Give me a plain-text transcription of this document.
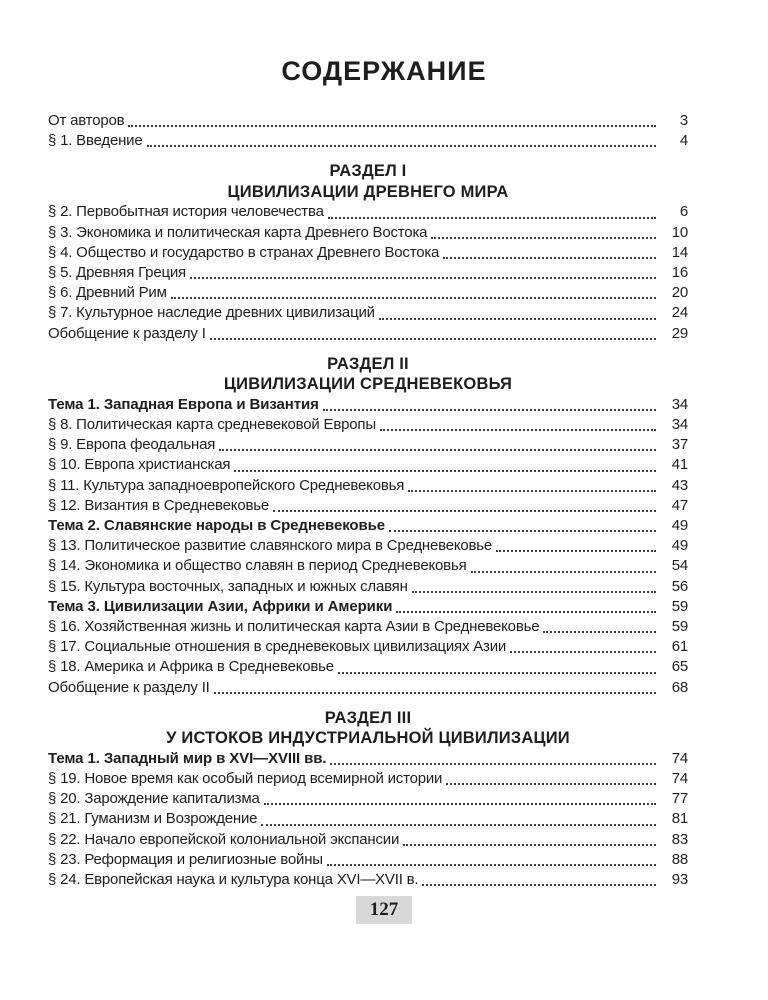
СОДЕРЖАНИЕ
От авторов	3
§ 1. Введение	4
РАЗДЕЛ I
ЦИВИЛИЗАЦИИ ДРЕВНЕГО МИРА
§ 2. Первобытная история человечества	6
§ 3. Экономика и политическая карта Древнего Востока	10
§ 4. Общество и государство в странах Древнего Востока	14
§ 5. Древняя Греция	16
§ 6. Древний Рим	20
§ 7. Культурное наследие древних цивилизаций	24
Обобщение к разделу I	29
РАЗДЕЛ II
ЦИВИЛИЗАЦИИ СРЕДНЕВЕКОВЬЯ
Тема 1. Западная Европа и Византия	34
§ 8. Политическая карта средневековой Европы	34
§ 9. Европа феодальная	37
§ 10. Европа христианская	41
§ 11. Культура западноевропейского Средневековья	43
§ 12. Византия в Средневековье	47
Тема 2. Славянские народы в Средневековье	49
§ 13. Политическое развитие славянского мира в Средневековье	49
§ 14. Экономика и общество славян в период Средневековья	54
§ 15. Культура восточных, западных и южных славян	56
Тема 3. Цивилизации Азии, Африки и Америки	59
§ 16. Хозяйственная жизнь и политическая карта Азии в Средневековье	59
§ 17. Социальные отношения в средневековых цивилизациях Азии	61
§ 18. Америка и Африка в Средневековье	65
Обобщение к разделу II	68
РАЗДЕЛ III
У ИСТОКОВ ИНДУСТРИАЛЬНОЙ ЦИВИЛИЗАЦИИ
Тема 1. Западный мир в XVI—XVIII вв.	74
§ 19. Новое время как особый период всемирной истории	74
§ 20. Зарождение капитализма	77
§ 21. Гуманизм и Возрождение	81
§ 22. Начало европейской колониальной экспансии	83
§ 23. Реформация и религиозные войны	88
§ 24. Европейская наука и культура конца XVI—XVII в.	93
127
